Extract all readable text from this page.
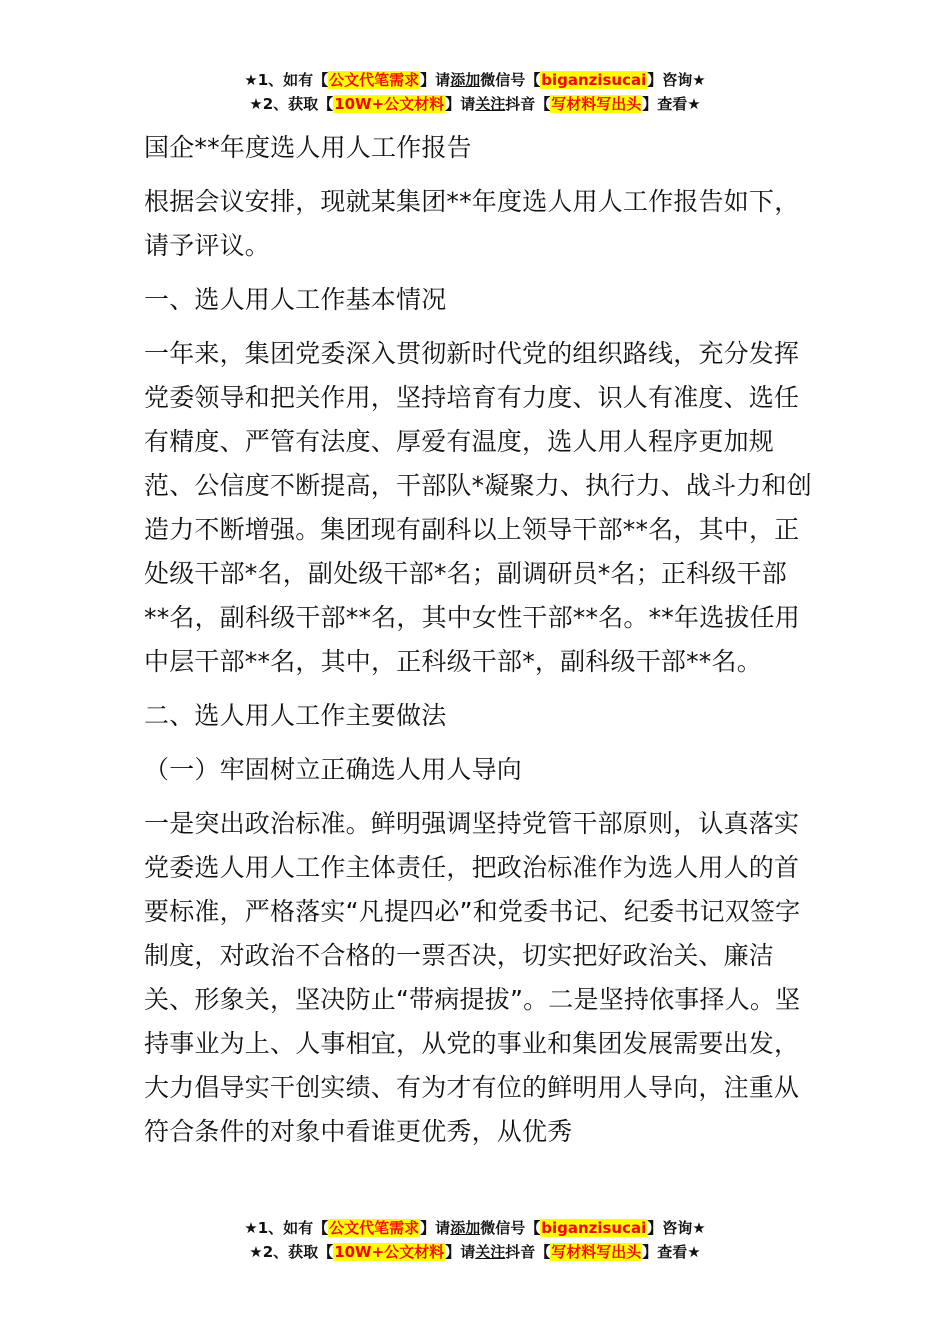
★1、如有【公文代笔需求】请添加微信号【biganzisucai】咨询★
★2、获取【10W+公文材料】请关注抖音【写材料写出头】查看★

国企**年度选人用人工作报告

根据会议安排，现就某集团**年度选人用人工作报告如下，请予评议。

一、选人用人工作基本情况

一年来，集团党委深入贯彻新时代党的组织路线，充分发挥党委领导和把关作用，坚持培育有力度、识人有准度、选任有精度、严管有法度、厚爱有温度，选人用人程序更加规范、公信度不断提高，干部队*凝聚力、执行力、战斗力和创造力不断增强。集团现有副科以上领导干部**名，其中，正处级干部*名，副处级干部*名；副调研员*名；正科级干部**名，副科级干部**名，其中女性干部**名。**年选拔任用中层干部**名，其中，正科级干部*，副科级干部**名。

二、选人用人工作主要做法

（一）牢固树立正确选人用人导向

一是突出政治标准。鲜明强调坚持党管干部原则，认真落实党委选人用人工作主体责任，把政治标准作为选人用人的首要标准，严格落实“凡提四必”和党委书记、纪委书记双签字制度，对政治不合格的一票否决，切实把好政治关、廉洁关、形象关，坚决防止“带病提拔”。二是坚持依事择人。坚持事业为上、人事相宜，从党的事业和集团发展需要出发，大力倡导实干创实绩、有为才有位的鲜明用人导向，注重从符合条件的对象中看谁更优秀，从优秀

★1、如有【公文代笔需求】请添加微信号【biganzisucai】咨询★
★2、获取【10W+公文材料】请关注抖音【写材料写出头】查看★
